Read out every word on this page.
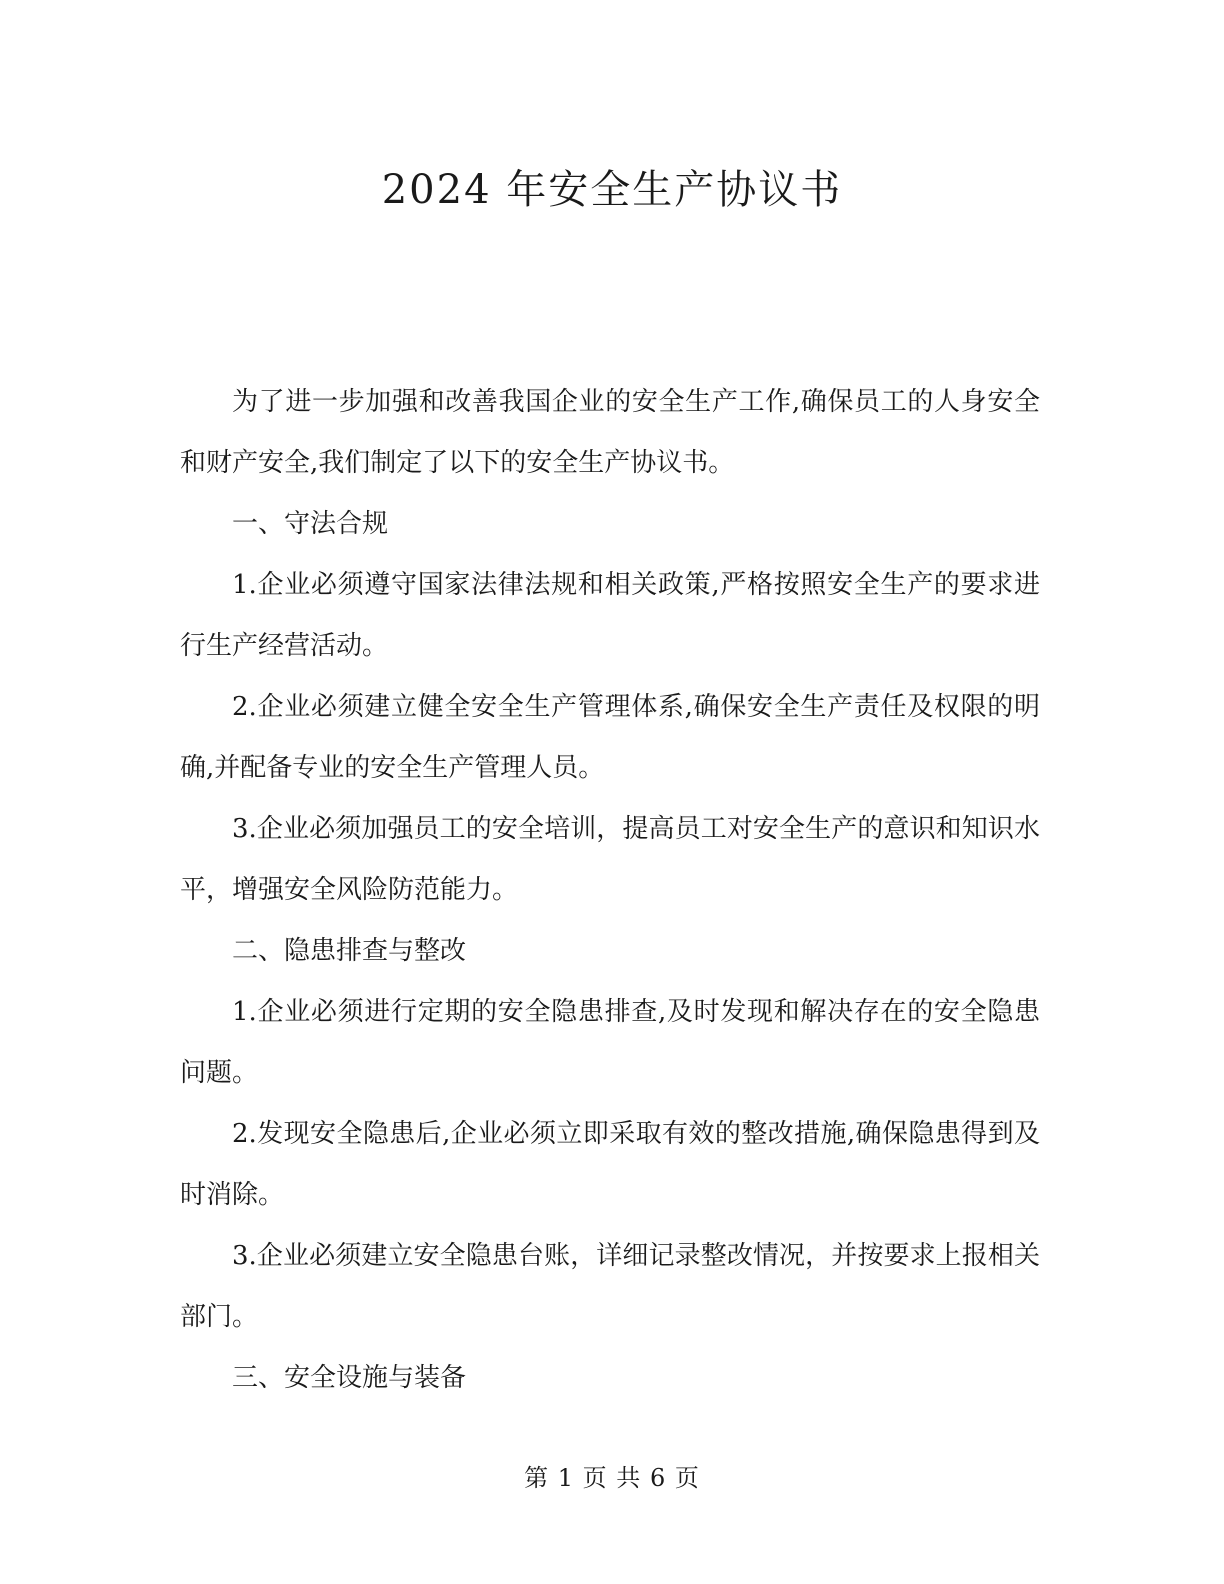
2024 年安全生产协议书

为了进一步加强和改善我国企业的安全生产工作,确保员工的人身安全和财产安全,我们制定了以下的安全生产协议书。

一、守法合规

1.企业必须遵守国家法律法规和相关政策,严格按照安全生产的要求进行生产经营活动。

2.企业必须建立健全安全生产管理体系,确保安全生产责任及权限的明确,并配备专业的安全生产管理人员。

3.企业必须加强员工的安全培训，提高员工对安全生产的意识和知识水平，增强安全风险防范能力。

二、隐患排查与整改

1.企业必须进行定期的安全隐患排查,及时发现和解决存在的安全隐患问题。

2.发现安全隐患后,企业必须立即采取有效的整改措施,确保隐患得到及时消除。

3.企业必须建立安全隐患台账，详细记录整改情况，并按要求上报相关部门。

三、安全设施与装备

第 1 页 共 6 页
